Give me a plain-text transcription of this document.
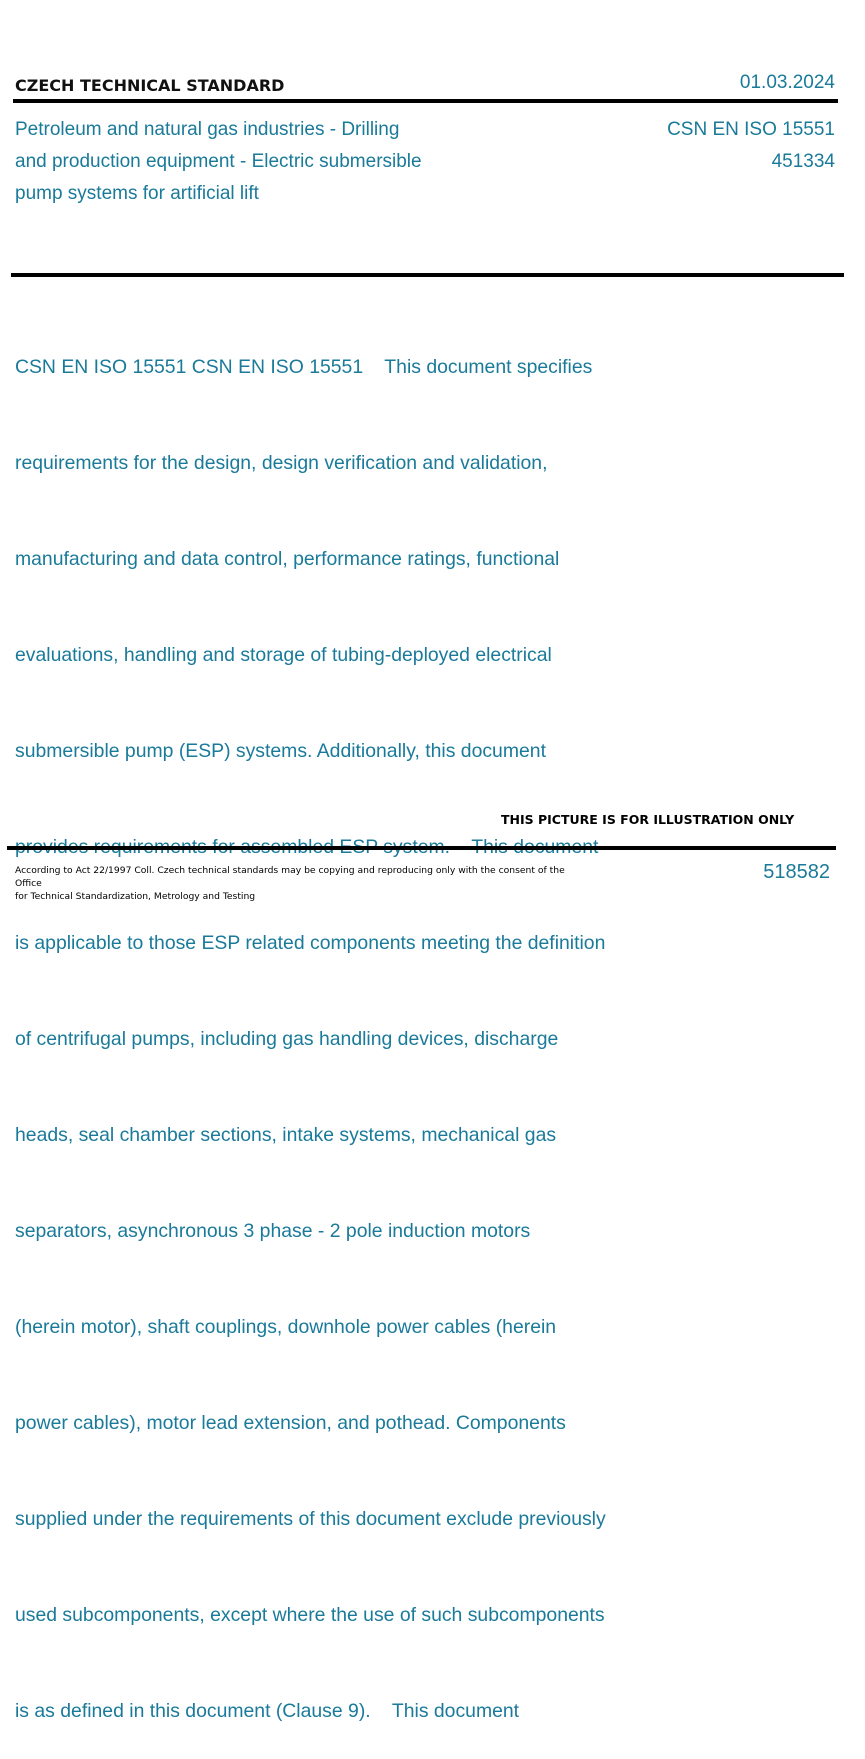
CZECH TECHNICAL STANDARD	01.03.2024
Petroleum and natural gas industries - Drilling
and production equipment - Electric submersible
pump systems for artificial lift
CSN EN ISO 15551
451334

CSN EN ISO 15551 CSN EN ISO 15551    This document specifies

requirements for the design, design verification and validation,

manufacturing and data control, performance ratings, functional

evaluations, handling and storage of tubing-deployed electrical

submersible pump (ESP) systems. Additionally, this document

is applicable to those ESP related components meeting the definition

of centrifugal pumps, including gas handling devices, discharge

heads, seal chamber sections, intake systems, mechanical gas

separators, asynchronous 3 phase - 2 pole induction motors

(herein motor), shaft couplings, downhole power cables (herein

power cables), motor lead extension, and pothead. Components

supplied under the requirements of this document exclude previously

used subcomponents, except where the use of such subcomponents

is as defined in this document (Clause 9).    This document

THIS PICTURE IS FOR ILLUSTRATION ONLY
According to Act 22/1997 Coll. Czech technical standards may be copying and reproducing only with the consent of the Office
for Technical Standardization, Metrology and Testing
518582
